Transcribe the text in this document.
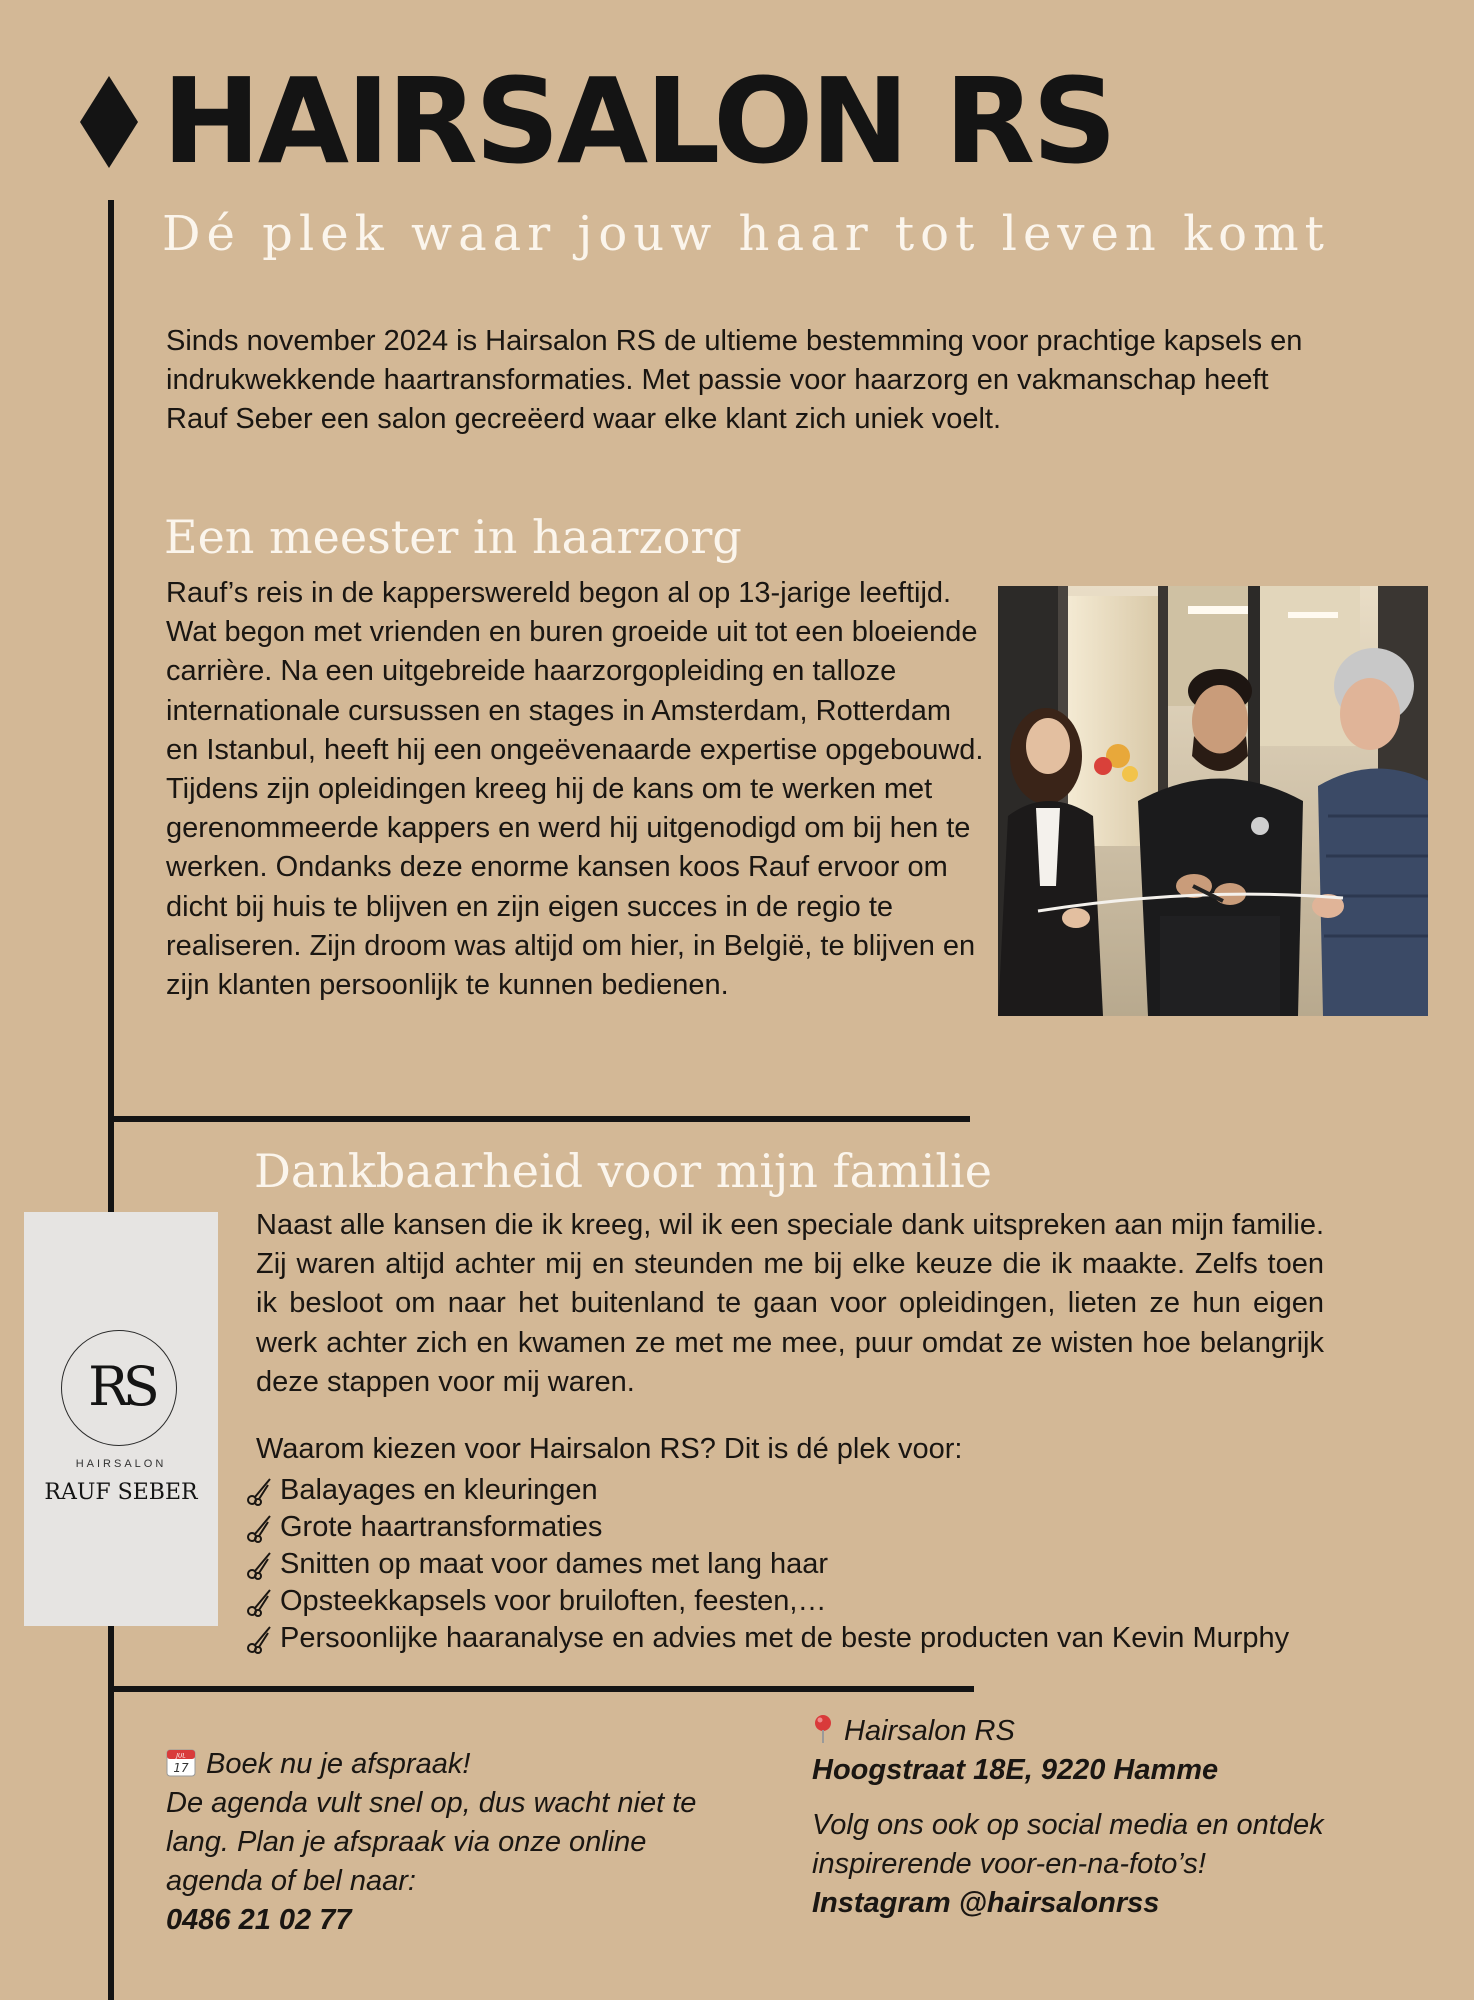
HAIRSALON RS
Dé plek waar jouw haar tot leven komt
Sinds november 2024 is Hairsalon RS de ultieme bestemming voor prachtige kapsels en indrukwekkende haartransformaties. Met passie voor haarzorg en vakmanschap heeft Rauf Seber een salon gecreëerd waar elke klant zich uniek voelt.
Een meester in haarzorg
Rauf’s reis in de kapperswereld begon al op 13-jarige leeftijd. Wat begon met vrienden en buren groeide uit tot een bloeiende carrière. Na een uitgebreide haarzorgopleiding en talloze internationale cursussen en stages in Amsterdam, Rotterdam en Istanbul, heeft hij een ongeëvenaarde expertise opgebouwd. Tijdens zijn opleidingen kreeg hij de kans om te werken met gerenommeerde kappers en werd hij uitgenodigd om bij hen te werken. Ondanks deze enorme kansen koos Rauf ervoor om dicht bij huis te blijven en zijn eigen succes in de regio te realiseren. Zijn droom was altijd om hier, in België, te blijven en zijn klanten persoonlijk te kunnen bedienen.
Dankbaarheid voor mijn familie
Naast alle kansen die ik kreeg, wil ik een speciale dank uitspreken aan mijn familie. Zij waren altijd achter mij en steunden me bij elke keuze die ik maakte. Zelfs toen ik besloot om naar het buitenland te gaan voor opleidingen, lieten ze hun eigen werk achter zich en kwamen ze met me mee, puur omdat ze wisten hoe belangrijk deze stappen voor mij waren.
RS
HAIRSALON
RAUF SEBER
Waarom kiezen voor Hairsalon RS? Dit is dé plek voor:
Balayages en kleuringen
Grote haartransformaties
Snitten op maat voor dames met lang haar
Opsteekkapsels voor bruiloften, feesten,…
Persoonlijke haaranalyse en advies met de beste producten van Kevin Murphy
JUL
17 Boek nu je afspraak!
De agenda vult snel op, dus wacht niet te lang. Plan je afspraak via onze online agenda of bel naar:
0486 21 02 77
Hairsalon RS
Hoogstraat 18E, 9220 Hamme
Volg ons ook op social media en ontdek inspirerende voor-en-na-foto’s!
Instagram @hairsalonrss
